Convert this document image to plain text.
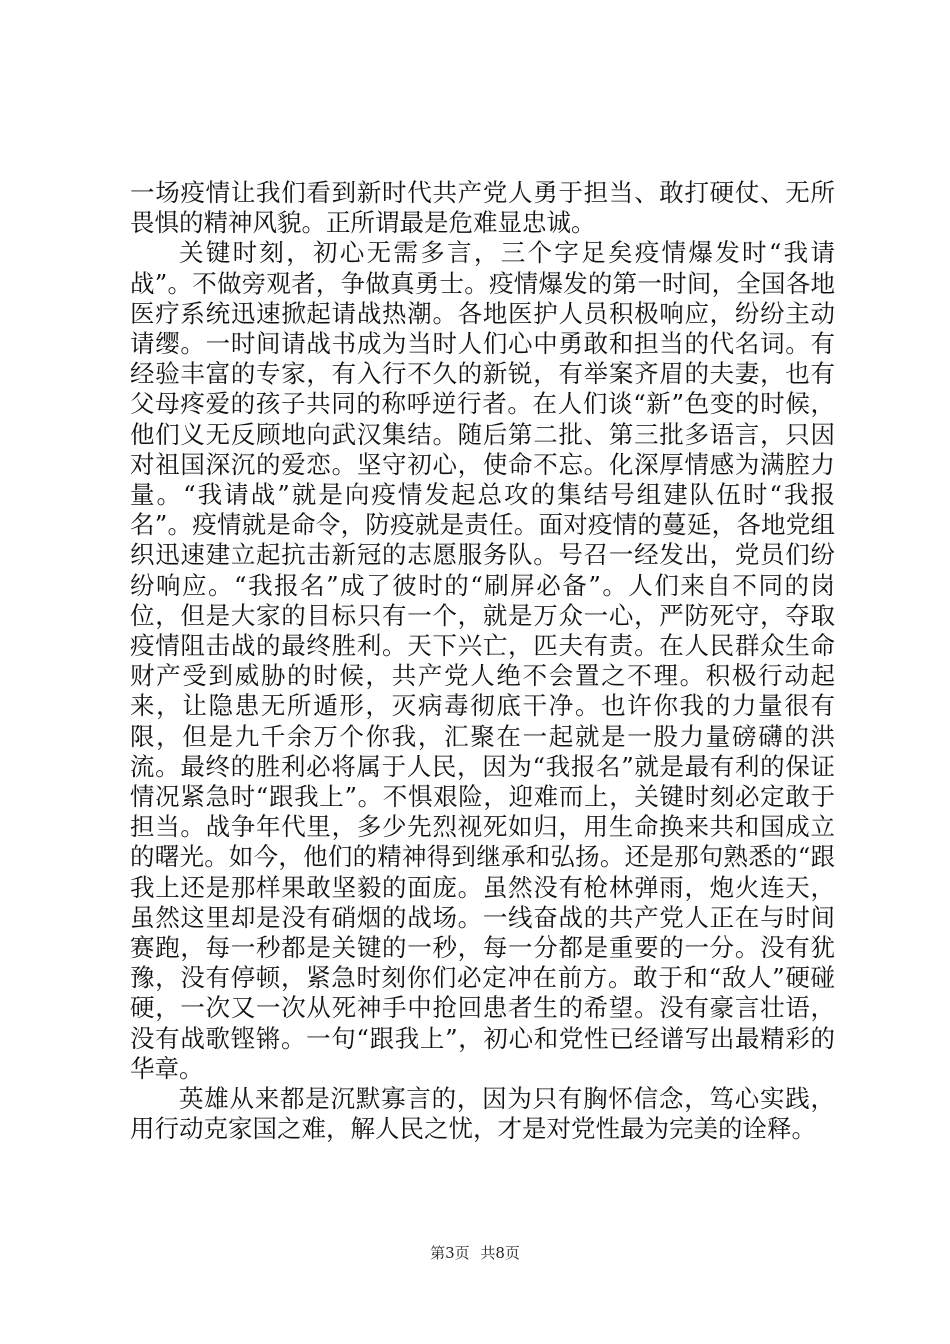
一场疫情让我们看到新时代共产党人勇于担当、敢打硬仗、无所畏惧的精神风貌。正所谓最是危难显忠诚。

关键时刻，初心无需多言，三个字足矣疫情爆发时“我请战”。不做旁观者，争做真勇士。疫情爆发的第一时间，全国各地医疗系统迅速掀起请战热潮。各地医护人员积极响应，纷纷主动请缨。一时间请战书成为当时人们心中勇敢和担当的代名词。有经验丰富的专家，有入行不久的新锐，有举案齐眉的夫妻，也有父母疼爱的孩子共同的称呼逆行者。在人们谈“新”色变的时候，他们义无反顾地向武汉集结。随后第二批、第三批多语言，只因对祖国深沉的爱恋。坚守初心，使命不忘。化深厚情感为满腔力量。“我请战”就是向疫情发起总攻的集结号组建队伍时“我报名”。疫情就是命令，防疫就是责任。面对疫情的蔓延，各地党组织迅速建立起抗击新冠的志愿服务队。号召一经发出，党员们纷纷响应。“我报名”成了彼时的“刷屏必备”。人们来自不同的岗位，但是大家的目标只有一个，就是万众一心，严防死守，夺取疫情阻击战的最终胜利。天下兴亡，匹夫有责。在人民群众生命财产受到威胁的时候，共产党人绝不会置之不理。积极行动起来，让隐患无所遁形，灭病毒彻底干净。也许你我的力量很有限，但是九千余万个你我，汇聚在一起就是一股力量磅礴的洪流。最终的胜利必将属于人民，因为“我报名”就是最有利的保证情况紧急时“跟我上”。不惧艰险，迎难而上，关键时刻必定敢于担当。战争年代里，多少先烈视死如归，用生命换来共和国成立的曙光。如今，他们的精神得到继承和弘扬。还是那句熟悉的“跟我上还是那样果敢坚毅的面庞。虽然没有枪林弹雨，炮火连天，虽然这里却是没有硝烟的战场。一线奋战的共产党人正在与时间赛跑，每一秒都是关键的一秒，每一分都是重要的一分。没有犹豫，没有停顿，紧急时刻你们必定冲在前方。敢于和“敌人”硬碰硬，一次又一次从死神手中抢回患者生的希望。没有豪言壮语，没有战歌铿锵。一句“跟我上”，初心和党性已经谱写出最精彩的华章。

英雄从来都是沉默寡言的，因为只有胸怀信念，笃心实践，用行动克家国之难，解人民之忧，才是对党性最为完美的诠释。

第3页 共8页
